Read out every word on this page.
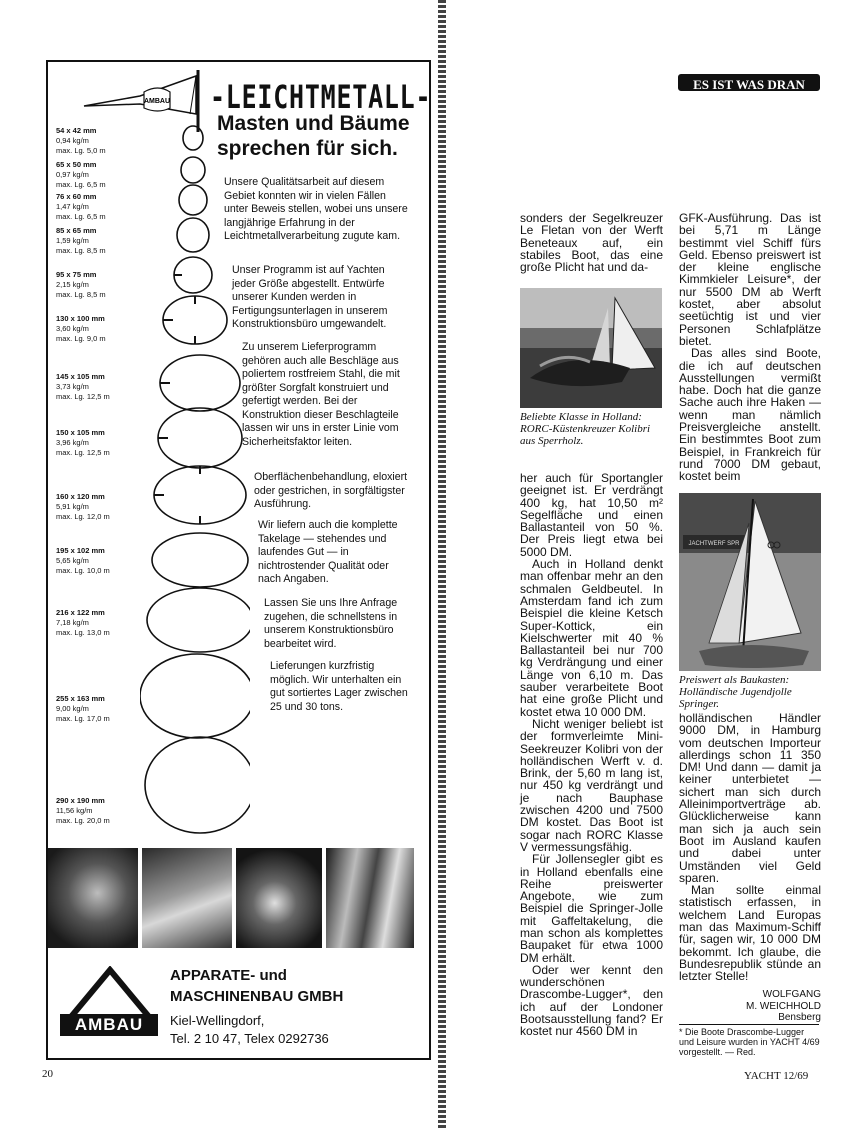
AMBAU -LEICHTMETALL-
Masten und Bäume
sprechen für sich.
54 x 42 mm
0,94 kg/m
max. Lg. 5,0 m
65 x 50 mm
0,97 kg/m
max. Lg. 6,5 m
76 x 60 mm
1,47 kg/m
max. Lg. 6,5 m
85 x 65 mm
1,59 kg/m
max. Lg. 8,5 m
95 x 75 mm
2,15 kg/m
max. Lg. 8,5 m
130 x 100 mm
3,60 kg/m
max. Lg. 9,0 m
145 x 105 mm
3,73 kg/m
max. Lg. 12,5 m
150 x 105 mm
3,96 kg/m
max. Lg. 12,5 m
160 x 120 mm
5,91 kg/m
max. Lg. 12,0 m
195 x 102 mm
5,65 kg/m
max. Lg. 10,0 m
216 x 122 mm
7,18 kg/m
max. Lg. 13,0 m
255 x 163 mm
9,00 kg/m
max. Lg. 17,0 m
290 x 190 mm
11,56 kg/m
max. Lg. 20,0 m
Unsere Qualitätsarbeit auf diesem Gebiet konnten wir in vielen Fällen unter Beweis stellen, wobei uns unsere langjährige Erfahrung in der Leichtmetallverarbeitung zugute kam.
Unser Programm ist auf Yachten jeder Größe abgestellt. Entwürfe unserer Kunden werden in Fertigungsunterlagen in unserem Konstruktionsbüro umgewandelt.
Zu unserem Lieferprogramm gehören auch alle Beschläge aus poliertem rostfreiem Stahl, die mit größter Sorgfalt konstruiert und gefertigt werden. Bei der Konstruktion dieser Beschlagteile lassen wir uns in erster Linie vom Sicherheitsfaktor leiten.
Oberflächenbehandlung, eloxiert oder gestrichen, in sorgfältigster Ausführung.
Wir liefern auch die komplette Takelage — stehendes und laufendes Gut — in nichtrostender Qualität oder nach Angaben.
Lassen Sie uns Ihre Anfrage zugehen, die schnellstens in unserem Konstruktionsbüro bearbeitet wird.
Lieferungen kurzfristig möglich. Wir unterhalten ein gut sortiertes Lager zwischen 25 und 30 tons.
AMBAU
APPARATE- und
MASCHINENBAU GMBH
Kiel-Wellingdorf,
Tel. 2 10 47, Telex 0292736
20
ES IST WAS DRAN
sonders der Segelkreuzer Le Fletan von der Werft Beneteaux auf, ein stabiles Boot, das eine große Plicht hat und da-
Beliebte Klasse in Holland: RORC-Küstenkreuzer Kolibri aus Sperrholz.
her auch für Sportangler geeignet ist. Er verdrängt 400 kg, hat 10,50 m² Segelfläche und einen Ballastanteil von 50 %. Der Preis liegt etwa bei 5000 DM.
Auch in Holland denkt man offenbar mehr an den schmalen Geldbeutel. In Amsterdam fand ich zum Beispiel die kleine Ketsch Super-Kottick, ein Kielschwerter mit 40 % Ballastanteil bei nur 700 kg Verdrängung und einer Länge von 6,10 m. Das sauber verarbeitete Boot hat eine große Plicht und kostet etwa 10 000 DM.
Nicht weniger beliebt ist der formverleimte Mini-Seekreuzer Kolibri von der holländischen Werft v. d. Brink, der 5,60 m lang ist, nur 450 kg verdrängt und je nach Bauphase zwischen 4200 und 7500 DM kostet. Das Boot ist sogar nach RORC Klasse V vermessungsfähig.
Für Jollensegler gibt es in Holland ebenfalls eine Reihe preiswerter Angebote, wie zum Beispiel die Springer-Jolle mit Gaffeltakelung, die man schon als komplettes Baupaket für etwa 1000 DM erhält.
Oder wer kennt den wunderschönen Drascombe-Lugger*, den ich auf der Londoner Bootsausstellung fand? Er kostet nur 4560 DM in
GFK-Ausführung. Das ist bei 5,71 m Länge bestimmt viel Schiff fürs Geld. Ebenso preiswert ist der kleine englische Kimmkieler Leisure*, der nur 5500 DM ab Werft kostet, aber absolut seetüchtig ist und vier Personen Schlafplätze bietet.
Das alles sind Boote, die ich auf deutschen Ausstellungen vermißt habe. Doch hat die ganze Sache auch ihre Haken — wenn man nämlich Preisvergleiche anstellt. Ein bestimmtes Boot zum Beispiel, in Frankreich für rund 7000 DM gebaut, kostet beim
JACHTWERF SPR
Preiswert als Baukasten: Holländische Jugendjolle Springer.
holländischen Händler 9000 DM, in Hamburg vom deutschen Importeur allerdings schon 11 350 DM! Und dann — damit ja keiner unterbietet — sichert man sich durch Alleinimportverträge ab. Glücklicherweise kann man sich ja auch sein Boot im Ausland kaufen und dabei unter Umständen viel Geld sparen.
Man sollte einmal statistisch erfassen, in welchem Land Europas man das Maximum-Schiff für, sagen wir, 10 000 DM bekommt. Ich glaube, die Bundesrepublik stünde an letzter Stelle!
WOLFGANG
M. WEICHHOLD
Bensberg
* Die Boote Drascombe-Lugger und Leisure wurden in YACHT 4/69 vorgestellt. — Red.
YACHT 12/69
